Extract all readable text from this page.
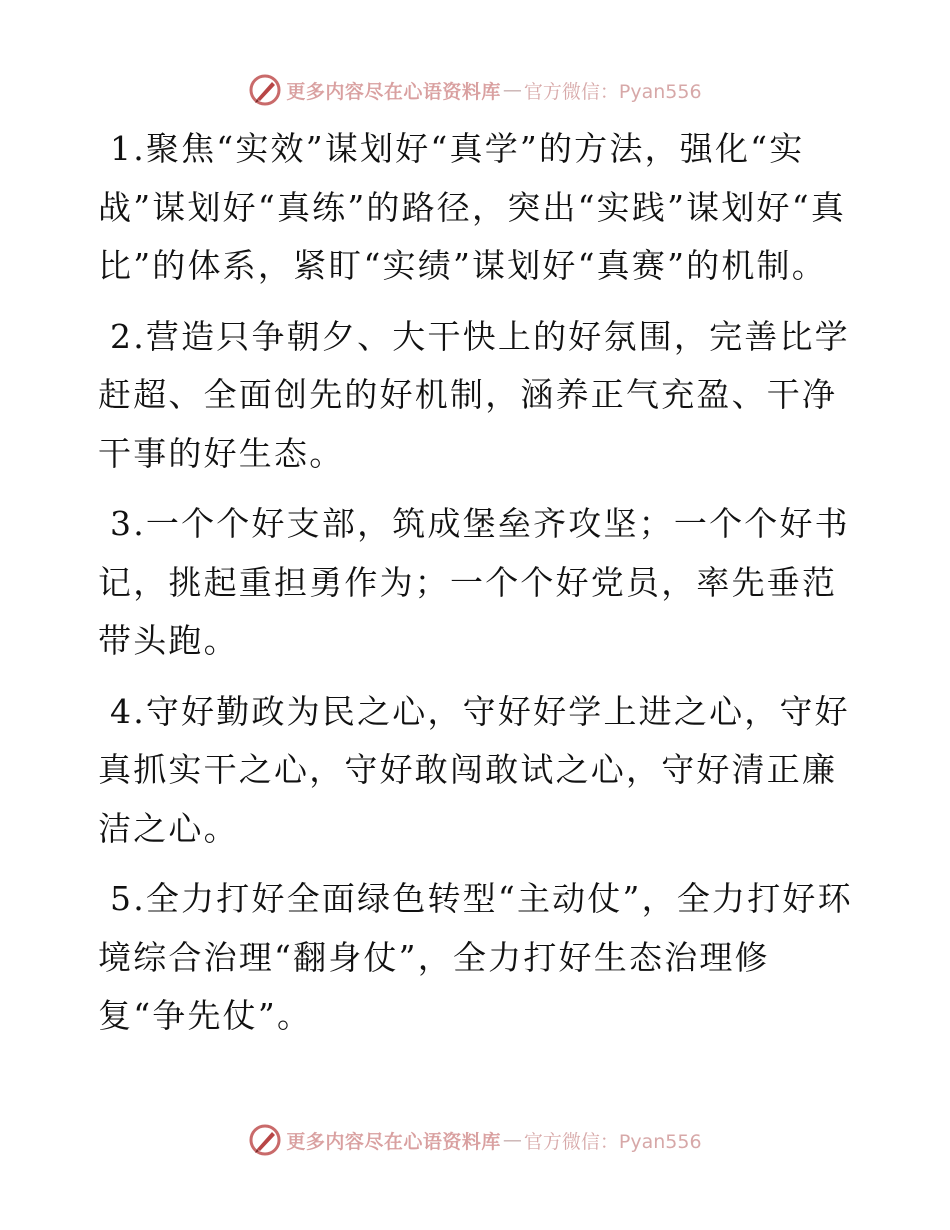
更多内容尽在心语资料库 — 官方微信：Pyan556

1.聚焦“实效”谋划好“真学”的方法，强化“实战”谋划好“真练”的路径，突出“实践”谋划好“真比”的体系，紧盯“实绩”谋划好“真赛”的机制。

2.营造只争朝夕、大干快上的好氛围，完善比学赶超、全面创先的好机制，涵养正气充盈、干净干事的好生态。

3.一个个好支部，筑成堡垒齐攻坚；一个个好书记，挑起重担勇作为；一个个好党员，率先垂范带头跑。

4.守好勤政为民之心，守好好学上进之心，守好真抓实干之心，守好敢闯敢试之心，守好清正廉洁之心。

5.全力打好全面绿色转型“主动仗”，全力打好环境综合治理“翻身仗”，全力打好生态治理修复“争先仗”。

更多内容尽在心语资料库 — 官方微信：Pyan556
